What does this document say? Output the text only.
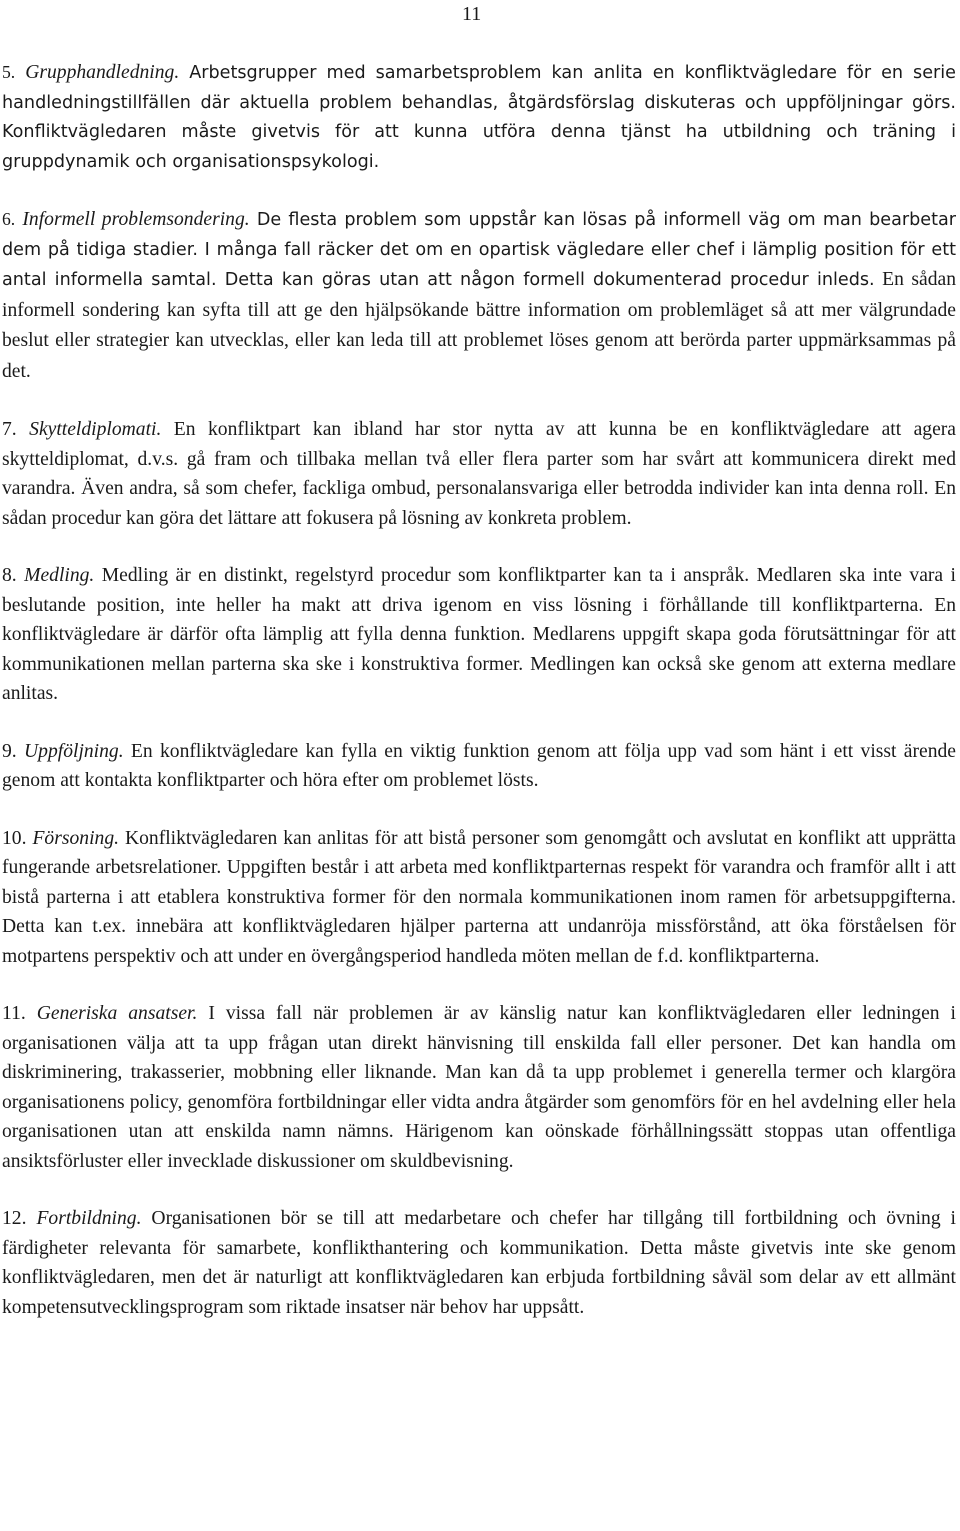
11

5. Grupphandledning. Arbetsgrupper med samarbetsproblem kan anlita en konfliktvägledare för en serie handledningstillfällen där aktuella problem behandlas, åtgärdsförslag diskuteras och uppföljningar görs. Konfliktvägledaren måste givetvis för att kunna utföra denna tjänst ha utbildning och träning i gruppdynamik och organisationspsykologi.

6. Informell problemsondering. De flesta problem som uppstår kan lösas på informell väg om man bearbetar dem på tidiga stadier. I många fall räcker det om en opartisk vägledare eller chef i lämplig position för ett antal informella samtal. Detta kan göras utan att någon formell dokumenterad procedur inleds. En sådan informell sondering kan syfta till att ge den hjälpsökande bättre information om problemläget så att mer välgrundade beslut eller strategier kan utvecklas, eller kan leda till att problemet löses genom att berörda parter uppmärksammas på det.

7. Skytteldiplomati. En konfliktpart kan ibland har stor nytta av att kunna be en konfliktvägledare att agera skytteldiplomat, d.v.s. gå fram och tillbaka mellan två eller flera parter som har svårt att kommunicera direkt med varandra. Även andra, så som chefer, fackliga ombud, personalansvariga eller betrodda individer kan inta denna roll. En sådan procedur kan göra det lättare att fokusera på lösning av konkreta problem.

8. Medling. Medling är en distinkt, regelstyrd procedur som konfliktparter kan ta i anspråk. Medlaren ska inte vara i beslutande position, inte heller ha makt att driva igenom en viss lösning i förhållande till konfliktparterna. En konfliktvägledare är därför ofta lämplig att fylla denna funktion. Medlarens uppgift skapa goda förutsättningar för att kommunikationen mellan parterna ska ske i konstruktiva former. Medlingen kan också ske genom att externa medlare anlitas.

9. Uppföljning. En konfliktvägledare kan fylla en viktig funktion genom att följa upp vad som hänt i ett visst ärende genom att kontakta konfliktparter och höra efter om problemet lösts.

10. Försoning. Konfliktvägledaren kan anlitas för att bistå personer som genomgått och avslutat en konflikt att upprätta fungerande arbetsrelationer. Uppgiften består i att arbeta med konfliktparternas respekt för varandra och framför allt i att bistå parterna i att etablera konstruktiva former för den normala kommunikationen inom ramen för arbetsuppgifterna. Detta kan t.ex. innebära att konfliktvägledaren hjälper parterna att undanröja missförstånd, att öka förståelsen för motpartens perspektiv och att under en övergångsperiod handleda möten mellan de f.d. konfliktparterna.

11. Generiska ansatser. I vissa fall när problemen är av känslig natur kan konfliktvägledaren eller ledningen i organisationen välja att ta upp frågan utan direkt hänvisning till enskilda fall eller personer. Det kan handla om diskriminering, trakasserier, mobbning eller liknande. Man kan då ta upp problemet i generella termer och klargöra organisationens policy, genomföra fortbildningar eller vidta andra åtgärder som genomförs för en hel avdelning eller hela organisationen utan att enskilda namn nämns. Härigenom kan oönskade förhållningssätt stoppas utan offentliga ansiktsförluster eller invecklade diskussioner om skuldbevisning.

12. Fortbildning. Organisationen bör se till att medarbetare och chefer har tillgång till fortbildning och övning i färdigheter relevanta för samarbete, konflikthantering och kommunikation. Detta måste givetvis inte ske genom konfliktvägledaren, men det är naturligt att konfliktvägledaren kan erbjuda fortbildning såväl som delar av ett allmänt kompetensutvecklingsprogram som riktade insatser när behov har uppsått.
